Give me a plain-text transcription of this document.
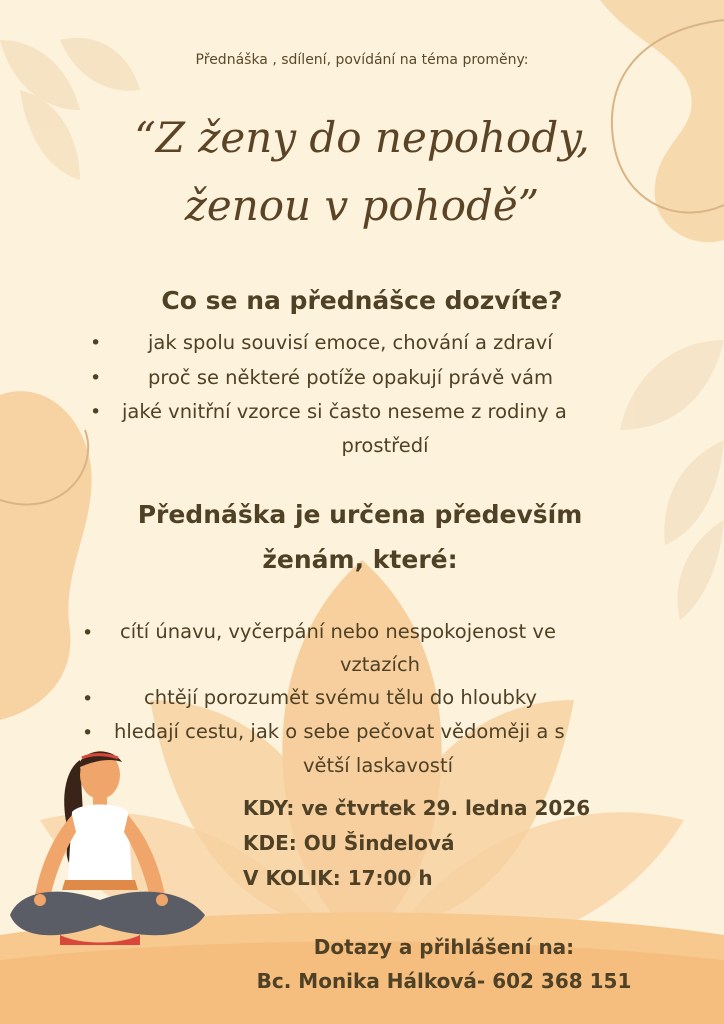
Přednáška , sdílení, povídání na téma proměny:
“Z ženy do nepohody,
ženou v pohodě”
Co se na přednášce dozvíte?
• jak spolu souvisí emoce, chování a zdraví
• proč se některé potíže opakují právě vám
• jaké vnitřní vzorce si často neseme z rodiny a
prostředí
Přednáška je určena především
ženám, které:
• cítí únavu, vyčerpání nebo nespokojenost ve
vztazích
•	chtějí porozumět svému tělu do hloubky
• hledají cestu, jak o sebe pečovat vědoměji a s
větší laskavostí
KDY: ve čtvrtek 29. ledna 2026
KDE: OU Šindelová
V KOLIK: 17:00 h
Dotazy a přihlášení na:
Bc. Monika Hálková- 602 368 151
